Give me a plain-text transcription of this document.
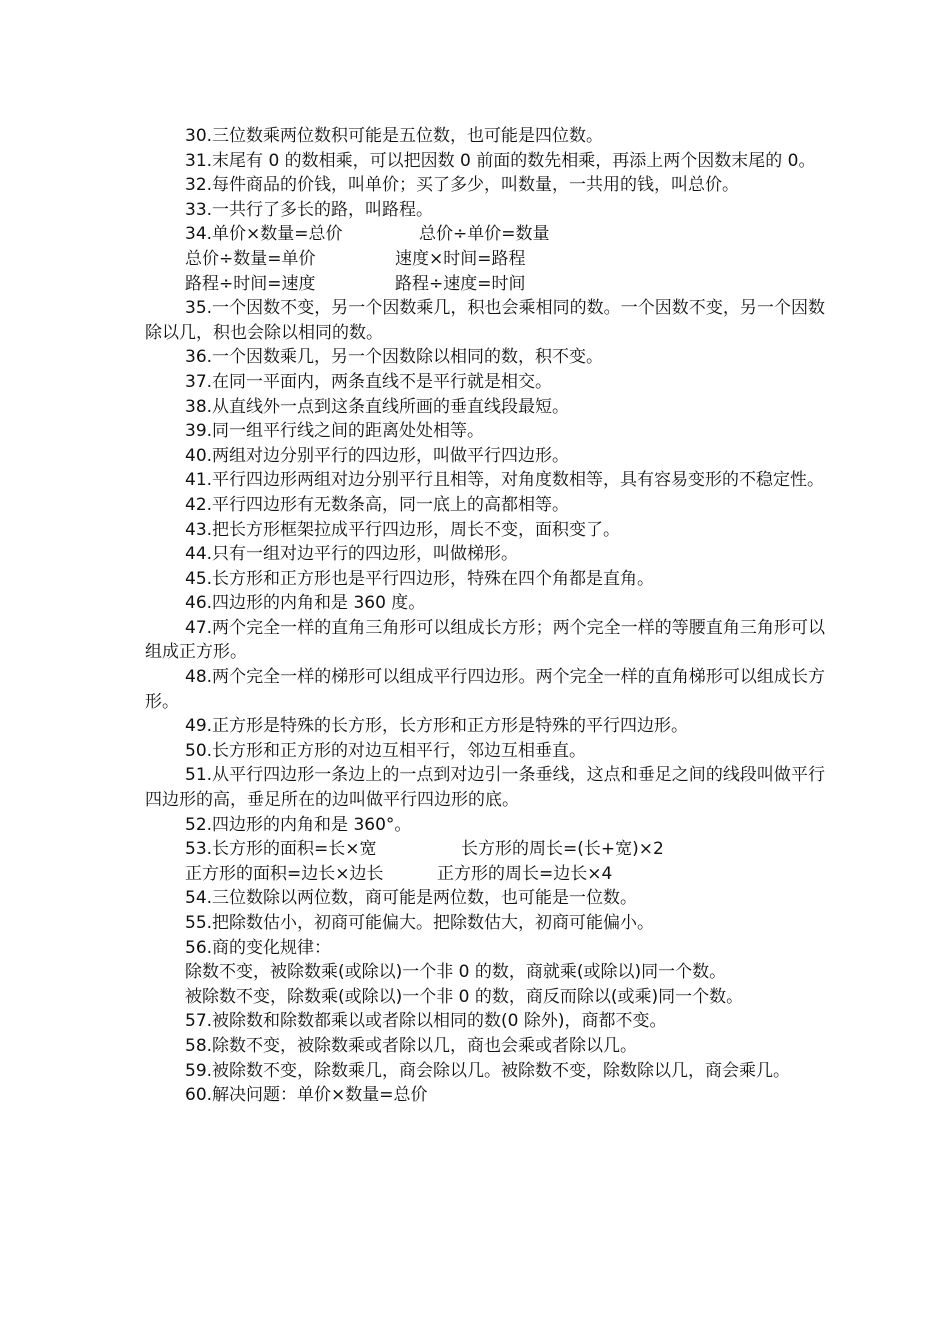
30.三位数乘两位数积可能是五位数，也可能是四位数。

31.末尾有 0 的数相乘，可以把因数 0 前面的数先相乘，再添上两个因数末尾的 0。

32.每件商品的价钱，叫单价；买了多少，叫数量，一共用的钱，叫总价。

33.一共行了多长的路，叫路程。

34.单价×数量=总价	总价÷单价=数量
总价÷数量=单价	速度×时间=路程
路程÷时间=速度	路程÷速度=时间

35.一个因数不变，另一个因数乘几，积也会乘相同的数。一个因数不变，另一个因数除以几，积也会除以相同的数。

36.一个因数乘几，另一个因数除以相同的数，积不变。

37.在同一平面内，两条直线不是平行就是相交。

38.从直线外一点到这条直线所画的垂直线段最短。

39.同一组平行线之间的距离处处相等。

40.两组对边分别平行的四边形，叫做平行四边形。

41.平行四边形两组对边分别平行且相等，对角度数相等，具有容易变形的不稳定性。

42.平行四边形有无数条高，同一底上的高都相等。

43.把长方形框架拉成平行四边形，周长不变，面积变了。

44.只有一组对边平行的四边形，叫做梯形。

45.长方形和正方形也是平行四边形，特殊在四个角都是直角。

46.四边形的内角和是 360 度。

47.两个完全一样的直角三角形可以组成长方形；两个完全一样的等腰直角三角形可以组成正方形。

48.两个完全一样的梯形可以组成平行四边形。两个完全一样的直角梯形可以组成长方形。

49.正方形是特殊的长方形，长方形和正方形是特殊的平行四边形。

50.长方形和正方形的对边互相平行，邻边互相垂直。

51.从平行四边形一条边上的一点到对边引一条垂线，这点和垂足之间的线段叫做平行四边形的高，垂足所在的边叫做平行四边形的底。

52.四边形的内角和是 360°。

53.长方形的面积=长×宽	长方形的周长=(长+宽)×2
正方形的面积=边长×边长	正方形的周长=边长×4

54.三位数除以两位数，商可能是两位数，也可能是一位数。

55.把除数估小，初商可能偏大。把除数估大，初商可能偏小。

56.商的变化规律：

除数不变，被除数乘(或除以)一个非 0 的数，商就乘(或除以)同一个数。

被除数不变，除数乘(或除以)一个非 0 的数，商反而除以(或乘)同一个数。

57.被除数和除数都乘以或者除以相同的数(0 除外)，商都不变。

58.除数不变，被除数乘或者除以几，商也会乘或者除以几。

59.被除数不变，除数乘几，商会除以几。被除数不变，除数除以几，商会乘几。

60.解决问题：单价×数量=总价
